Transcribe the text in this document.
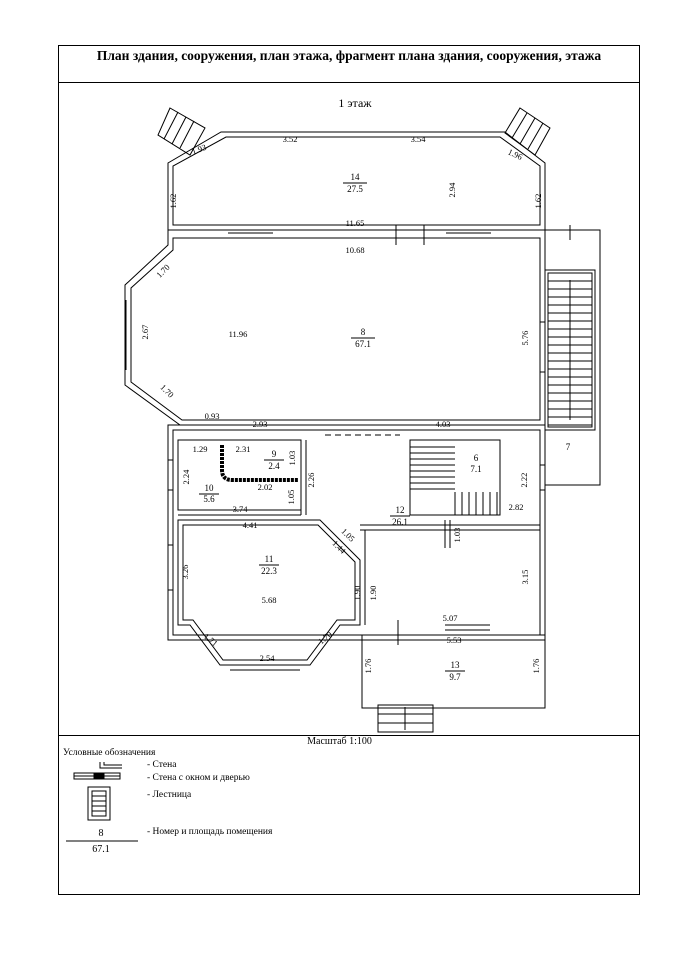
План здания, сооружения, план этажа, фрагмент плана здания, сооружения, этажа
Масштаб 1:100
1 этаж
14
27.5
8
67.1
6
7.1
9
2.4
10
5.6
12
26.1
11
22.3
13
9.7
7
3.52	3.54
1.93	1.96
1.62	1.62
2.94
11.65
10.68
1.70
2.67
1.70
11.96	5.76
0.93
2.93	4.03
1.29	2.31
1.03
2.24
2.02	2.26
1.05
3.74
2.22
2.82
1.03
4.41
1.05
1.44
3.26
5.68	1.90 1.90
3.15
5.07
5.53
1.71	1.70
2.54
1.76	1.76
8
67.1
Условные обозначения
- Стена
- Стена с окном и дверью
- Лестница
- Номер и площадь помещения
